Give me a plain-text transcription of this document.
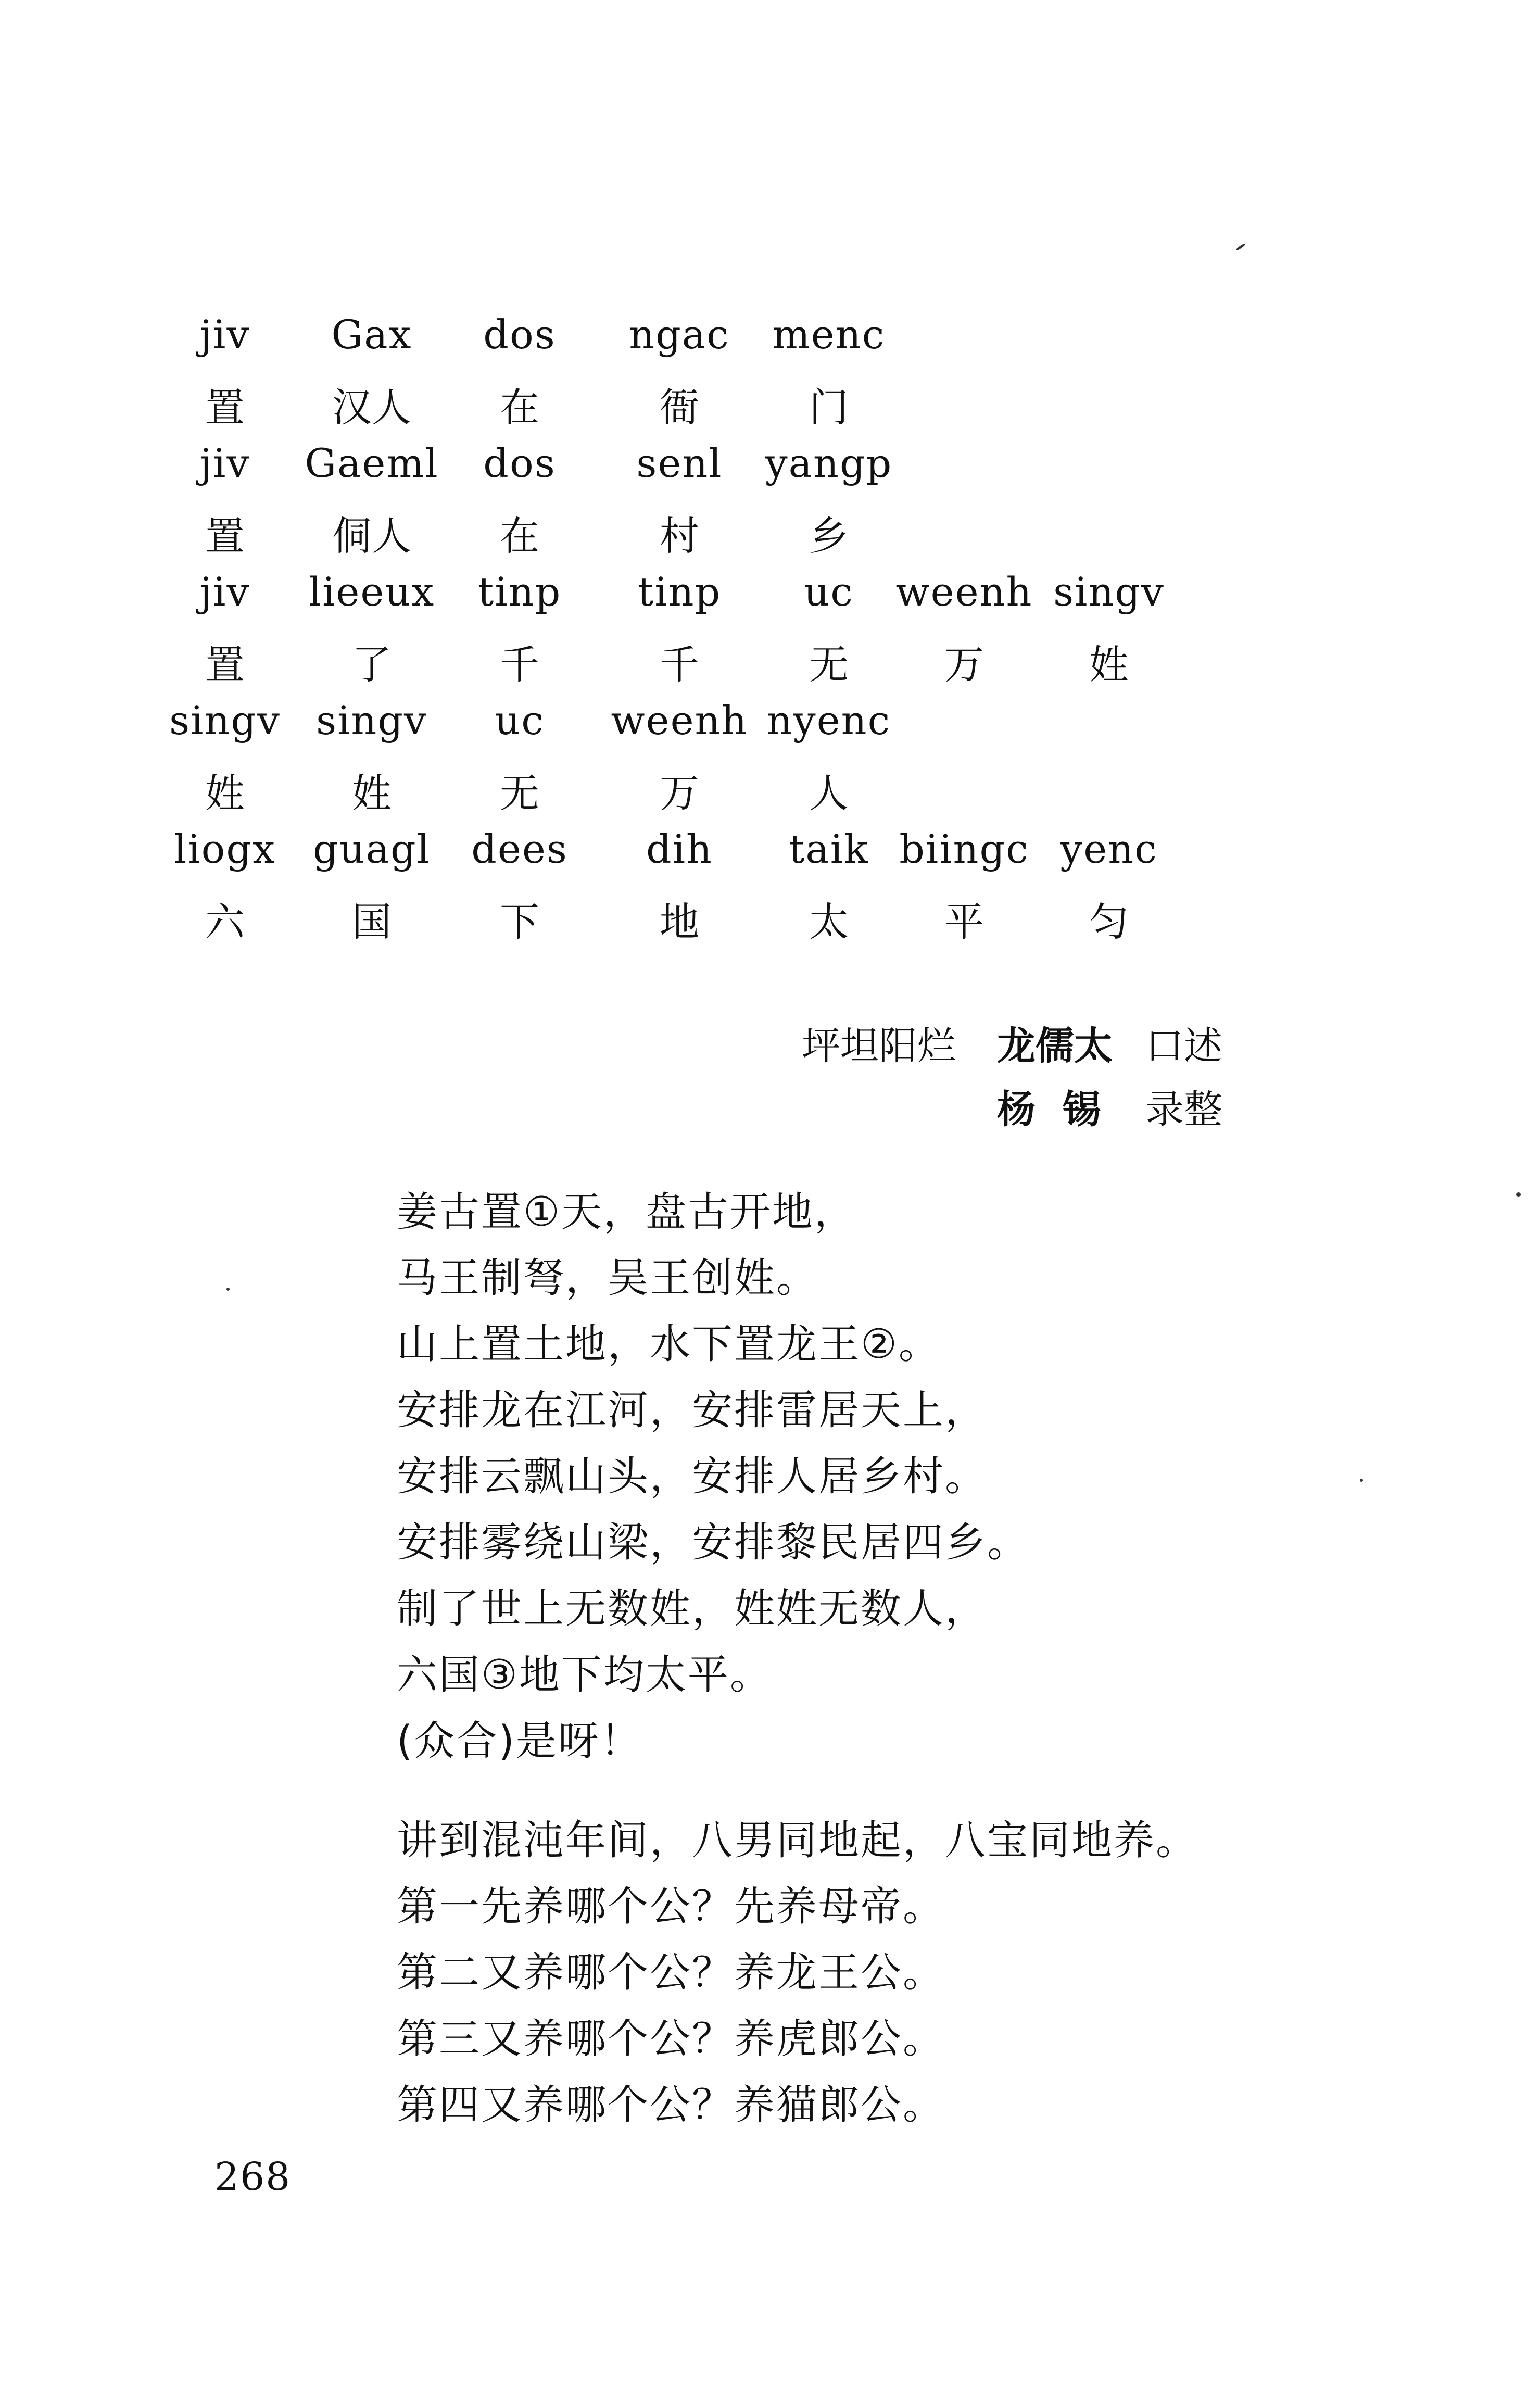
jiv Gax dos ngac menc
置 汉人 在	衙	门
jiv Gaeml dos senl yangp
置 侗人 在	村	乡
jiv lieeux tinp tinp uc weenh singv
置	了	千	千	无 万	姓
singv singv uc weenh nyenc
姓	姓	无	万	人
liogx guagl dees dih taik biingc yenc
六	国	下	地	太 平	匀
坪坦阳烂 龙儒太 口述
杨  锡 录整
姜古置①天，盘古开地，
马王制弩，吴王创姓。
山上置土地，水下置龙王②。
安排龙在江河，安排雷居天上，
安排云飘山头，安排人居乡村。
安排雾绕山梁，安排黎民居四乡。
制了世上无数姓，姓姓无数人，
六国③地下均太平。
(众合)是呀！
讲到混沌年间，八男同地起，八宝同地养。
第一先养哪个公？先养母帝。
第二又养哪个公？养龙王公。
第三又养哪个公？养虎郎公。
第四又养哪个公？养猫郎公。
268
